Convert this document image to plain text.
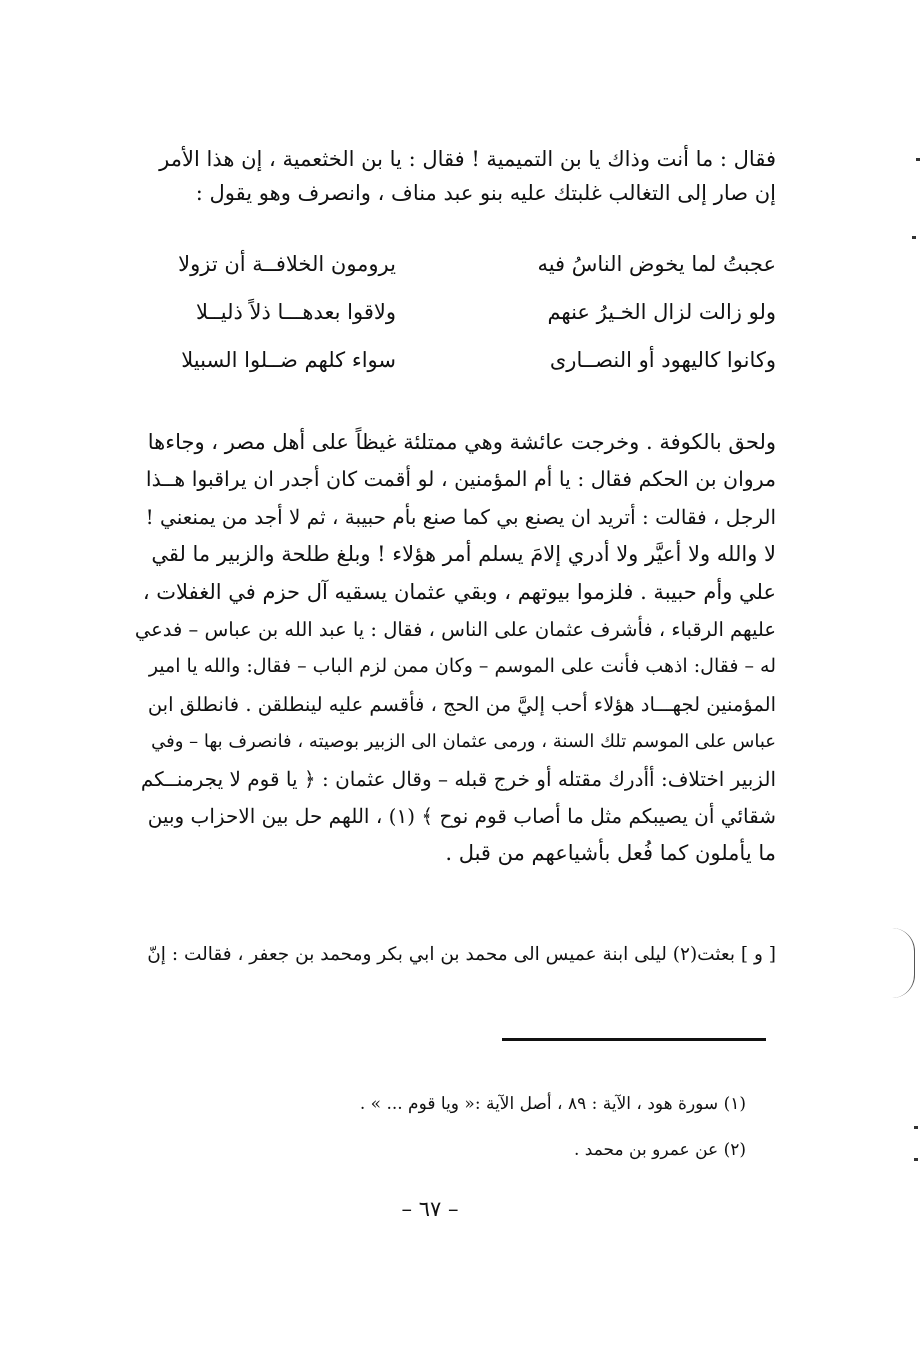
فقال : ما أنت وذاك يا بن التميمية ! فقال : يا بن الخثعمية ، إن هذا الأمر
إن صار إلى التغالب غلبتك عليه بنو عبد مناف ، وانصرف وهو يقول :
عجبتُ لما يخوض الناسُ فيه
يرومون الخلافــة أن تزولا
ولو زالت لزال الخـيرُ عنهم
ولاقوا بعدهـــا ذلاً ذليــلا
وكانوا كاليهود أو النصــارى
سواء كلهم ضــلوا السبيلا
ولحق بالكوفة . وخرجت عائشة وهي ممتلئة غيظاً على أهل مصر ، وجاءها
مروان بن الحكم فقال : يا أم المؤمنين ، لو أقمت كان أجدر ان يراقبوا هــذا
الرجل ، فقالت : أتريد ان يصنع بي كما صنع بأم حبيبة ، ثم لا أجد من يمنعني !
لا والله ولا أعيَّر ولا أدري إلامَ يسلم أمر هؤلاء ! وبلغ طلحة والزبير ما لقي
علي وأم حبيبة . فلزموا بيوتهم ، وبقي عثمان يسقيه آل حزم في الغفلات ،
عليهم الرقباء ، فأشرف عثمان على الناس ، فقال : يا عبد الله بن عباس – فدعي
له – فقال: اذهب فأنت على الموسم – وكان ممن لزم الباب – فقال: والله يا امير
المؤمنين لجهـــاد هؤلاء أحب إليَّ من الحج ، فأقسم عليه لينطلقن . فانطلق ابن
عباس على الموسم تلك السنة ، ورمى عثمان الى الزبير بوصيته ، فانصرف بها – وفي
الزبير اختلاف: أأدرك مقتله أو خرج قبله – وقال عثمان : ﴿ يا قوم لا يجرمنــكم
شقائي أن يصيبكم مثل ما أصاب قوم نوح ﴾ (١) ، اللهم حل بين الاحزاب وبين
ما يأملون كما فُعل بأشياعهم من قبل .
[ و ] بعثت(٢) ليلى ابنة عميس الى محمد بن ابي بكر ومحمد بن جعفر ، فقالت : إنّ
(١) سورة هود ، الآية : ٨٩ ، أصل الآية :« ويا قوم ... » .
(٢) عن عمرو بن محمد .
– ٦٧ –
